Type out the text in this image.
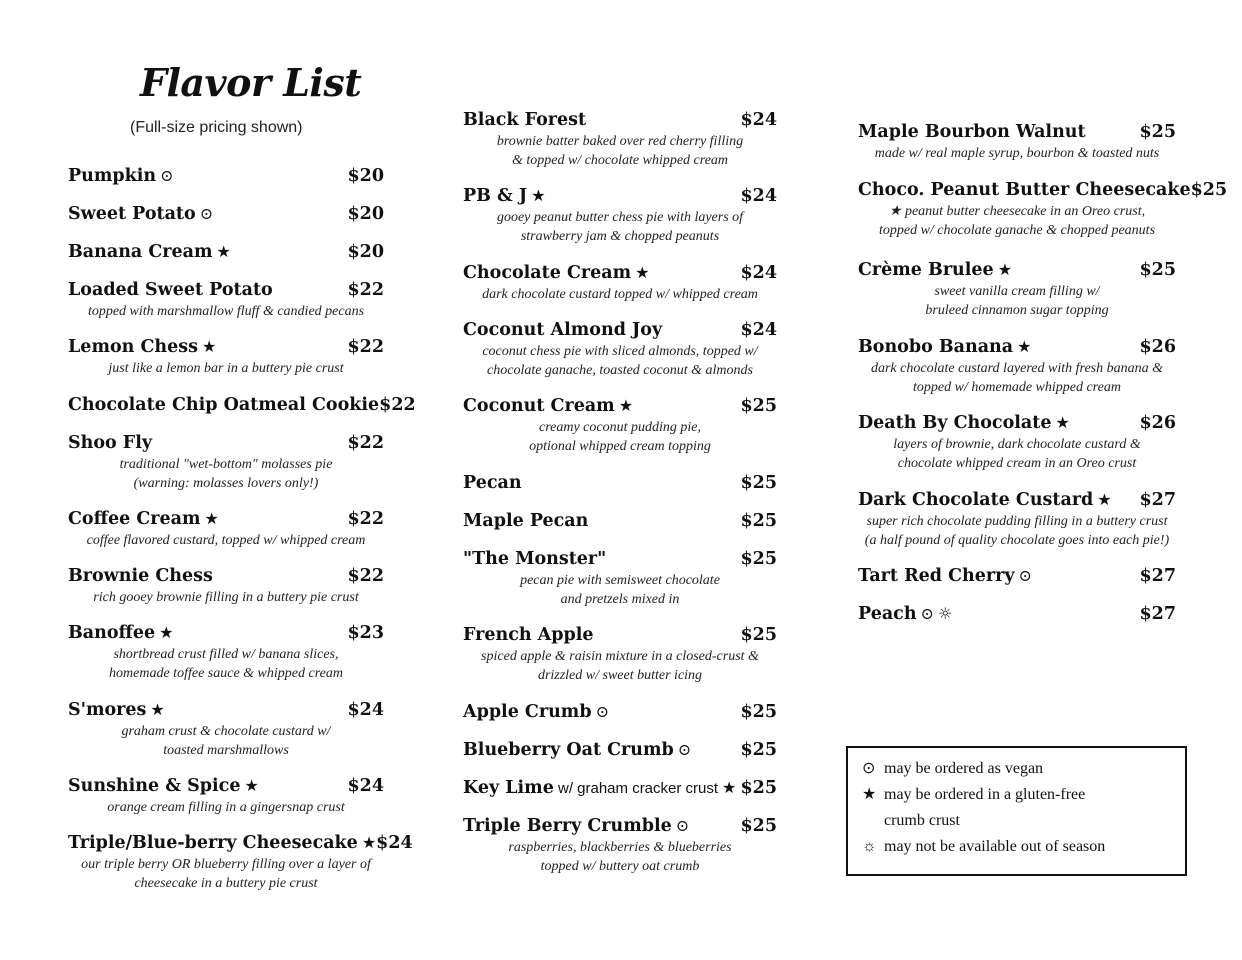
Flavor List
(Full-size pricing shown)
Pumpkin ⊙	$20
Sweet Potato ⊙	$20
Banana Cream ★	$20
Loaded Sweet Potato	$22
topped with marshmallow fluff & candied pecans
Lemon Chess ★	$22
just like a lemon bar in a buttery pie crust
Chocolate Chip Oatmeal Cookie $22
Shoo Fly	$22
traditional "wet-bottom" molasses pie
(warning: molasses lovers only!)
Coffee Cream ★	$22
coffee flavored custard, topped w/ whipped cream
Brownie Chess	$22
rich gooey brownie filling in a buttery pie crust
Banoffee ★	$23
shortbread crust filled w/ banana slices,
homemade toffee sauce & whipped cream
S'mores ★	$24
graham crust & chocolate custard w/
toasted marshmallows
Sunshine & Spice ★	$24
orange cream filling in a gingersnap crust
Triple/Blue-berry Cheesecake ★ $24
our triple berry OR blueberry filling over a layer of
cheesecake in a buttery pie crust
Black Forest	$24
brownie batter baked over red cherry filling
& topped w/ chocolate whipped cream
PB & J ★	$24
gooey peanut butter chess pie with layers of
strawberry jam & chopped peanuts
Chocolate Cream ★	$24
dark chocolate custard topped w/ whipped cream
Coconut Almond Joy	$24
coconut chess pie with sliced almonds, topped w/
chocolate ganache, toasted coconut & almonds
Coconut Cream ★	$25
creamy coconut pudding pie,
optional whipped cream topping
Pecan	$25
Maple Pecan	$25
"The Monster"	$25
pecan pie with semisweet chocolate
and pretzels mixed in
French Apple	$25
spiced apple & raisin mixture in a closed-crust &
drizzled w/ sweet butter icing
Apple Crumb ⊙	$25
Blueberry Oat Crumb ⊙	$25
Key Lime w/ graham cracker crust ★ $25
Triple Berry Crumble ⊙	$25
raspberries, blackberries & blueberries
topped w/ buttery oat crumb
Maple Bourbon Walnut	$25
made w/ real maple syrup, bourbon & toasted nuts
Choco. Peanut Butter Cheesecake $25
★ peanut butter cheesecake in an Oreo crust,
topped w/ chocolate ganache & chopped peanuts
Crème Brulee ★	$25
sweet vanilla cream filling w/
bruleed cinnamon sugar topping
Bonobo Banana ★	$26
dark chocolate custard layered with fresh banana &
topped w/ homemade whipped cream
Death By Chocolate ★	$26
layers of brownie, dark chocolate custard &
chocolate whipped cream in an Oreo crust
Dark Chocolate Custard ★ $27
super rich chocolate pudding filling in a buttery crust
(a half pound of quality chocolate goes into each pie!)
Tart Red Cherry ⊙	$27
Peach ⊙ ☼	$27
⊙ may be ordered as vegan
★ may be ordered in a gluten-free
crumb crust
☼ may not be available out of season
